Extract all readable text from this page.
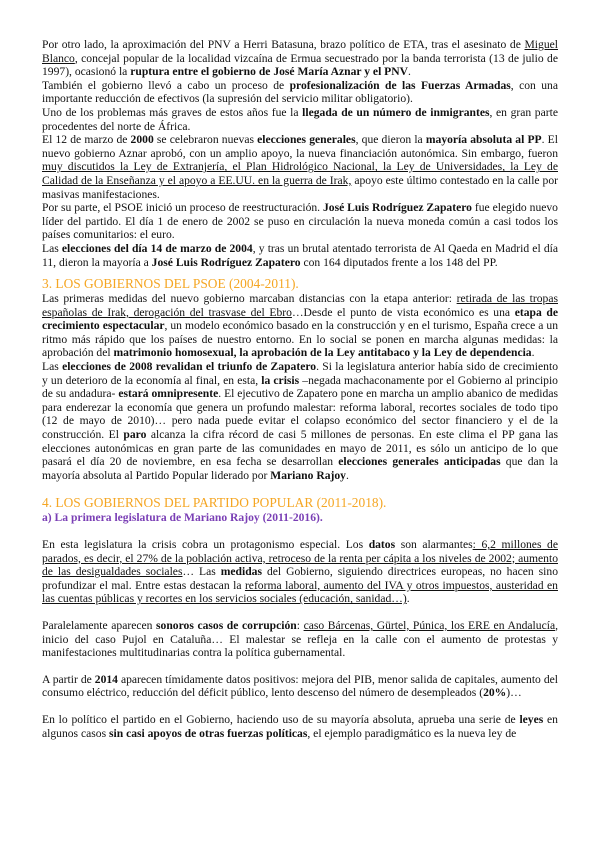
Por otro lado, la aproximación del PNV a Herri Batasuna, brazo político de ETA, tras el asesinato de Miguel Blanco, concejal popular de la localidad vizcaína de Ermua secuestrado por la banda terrorista (13 de julio de 1997), ocasionó la ruptura entre el gobierno de José María Aznar y el PNV.

También el gobierno llevó a cabo un proceso de profesionalización de las Fuerzas Armadas, con una importante reducción de efectivos (la supresión del servicio militar obligatorio).

Uno de los problemas más graves de estos años fue la llegada de un número de inmigrantes, en gran parte procedentes del norte de África.

El 12 de marzo de 2000 se celebraron nuevas elecciones generales, que dieron la mayoría absoluta al PP. El nuevo gobierno Aznar aprobó, con un amplio apoyo, la nueva financiación autonómica. Sin embargo, fueron muy discutidos la Ley de Extranjería, el Plan Hidrológico Nacional, la Ley de Universidades, la Ley de Calidad de la Enseñanza y el apoyo a EE.UU. en la guerra de Irak, apoyo este último contestado en la calle por masivas manifestaciones.

Por su parte, el PSOE inició un proceso de reestructuración. José Luis Rodríguez Zapatero fue elegido nuevo líder del partido. El día 1 de enero de 2002 se puso en circulación la nueva moneda común a casi todos los países comunitarios: el euro.

Las elecciones del día 14 de marzo de 2004, y tras un brutal atentado terrorista de Al Qaeda en Madrid el día 11, dieron la mayoría a José Luis Rodríguez Zapatero con 164 diputados frente a los 148 del PP.

3. LOS GOBIERNOS DEL PSOE (2004-2011).

Las primeras medidas del nuevo gobierno marcaban distancias con la etapa anterior: retirada de las tropas españolas de Irak, derogación del trasvase del Ebro…Desde el punto de vista económico es una etapa de crecimiento espectacular, un modelo económico basado en la construcción y en el turismo, España crece a un ritmo más rápido que los países de nuestro entorno. En lo social se ponen en marcha algunas medidas: la aprobación del matrimonio homosexual, la aprobación de la Ley antitabaco y la Ley de dependencia.

Las elecciones de 2008 revalidan el triunfo de Zapatero. Si la legislatura anterior había sido de crecimiento y un deterioro de la economía al final, en esta, la crisis –negada machaconamente por el Gobierno al principio de su andadura- estará omnipresente. El ejecutivo de Zapatero pone en marcha un amplio abanico de medidas para enderezar la economía que genera un profundo malestar: reforma laboral, recortes sociales de todo tipo (12 de mayo de 2010)… pero nada puede evitar el colapso económico del sector financiero y el de la construcción. El paro alcanza la cifra récord de casi 5 millones de personas. En este clima el PP gana las elecciones autonómicas en gran parte de las comunidades en mayo de 2011, es sólo un anticipo de lo que pasará el día 20 de noviembre, en esa fecha se desarrollan elecciones generales anticipadas que dan la mayoría absoluta al Partido Popular liderado por Mariano Rajoy.

4. LOS GOBIERNOS DEL PARTIDO POPULAR (2011-2018).
a) La primera legislatura de Mariano Rajoy (2011-2016).

En esta legislatura la crisis cobra un protagonismo especial. Los datos son alarmantes: 6,2 millones de parados, es decir, el 27% de la población activa, retroceso de la renta per cápita a los niveles de 2002; aumento de las desigualdades sociales… Las medidas del Gobierno, siguiendo directrices europeas, no hacen sino profundizar el mal. Entre estas destacan la reforma laboral, aumento del IVA y otros impuestos, austeridad en las cuentas públicas y recortes en los servicios sociales (educación, sanidad…).

Paralelamente aparecen sonoros casos de corrupción: caso Bárcenas, Gürtel, Púnica, los ERE en Andalucía, inicio del caso Pujol en Cataluña… El malestar se refleja en la calle con el aumento de protestas y manifestaciones multitudinarias contra la política gubernamental.

A partir de 2014 aparecen tímidamente datos positivos: mejora del PIB, menor salida de capitales, aumento del consumo eléctrico, reducción del déficit público, lento descenso del número de desempleados (20%)…

En lo político el partido en el Gobierno, haciendo uso de su mayoría absoluta, aprueba una serie de leyes en algunos casos sin casi apoyos de otras fuerzas políticas, el ejemplo paradigmático es la nueva ley de
